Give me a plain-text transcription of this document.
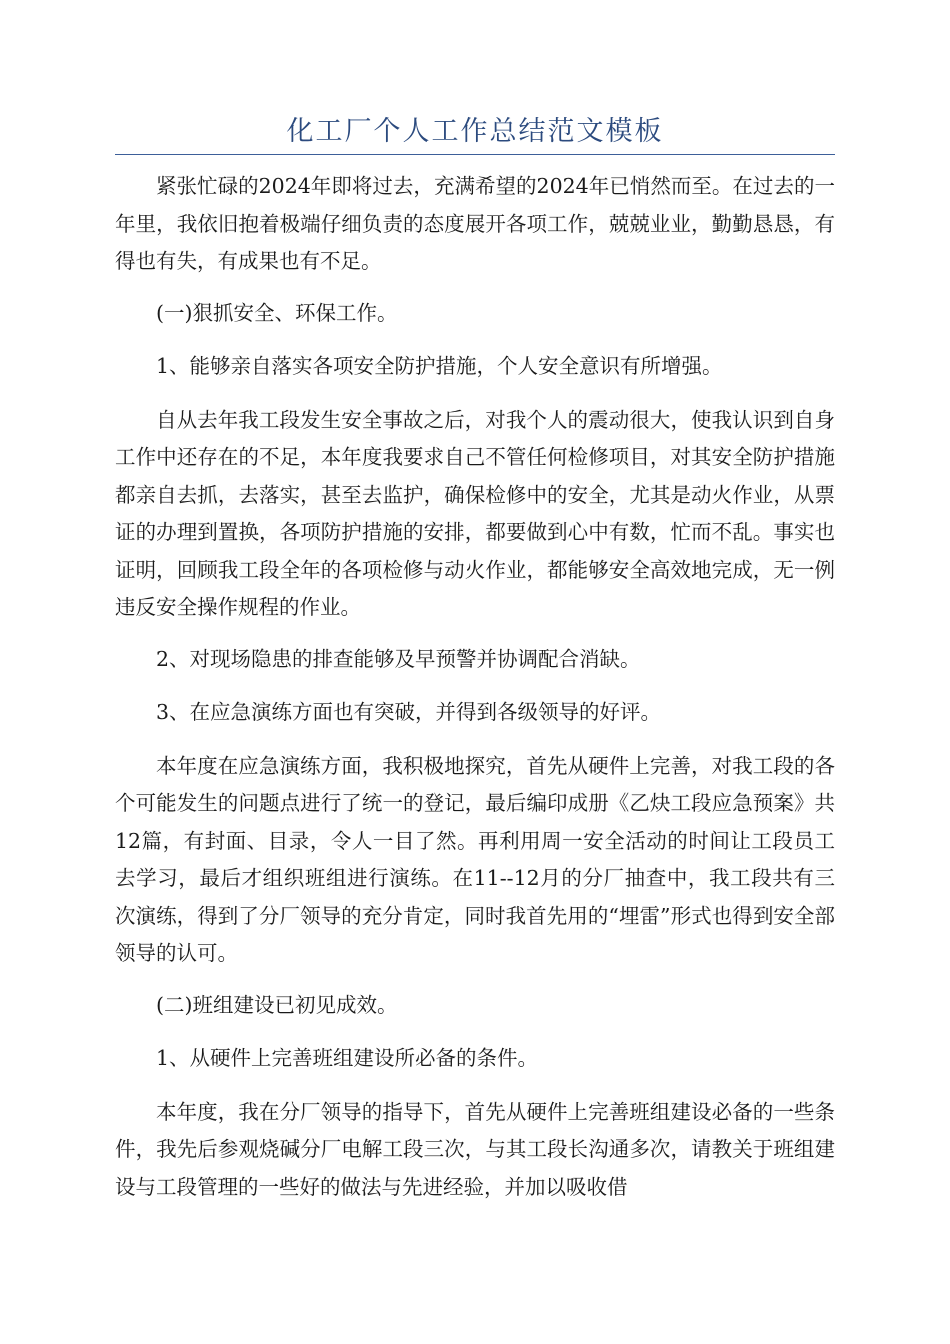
化工厂个人工作总结范文模板

紧张忙碌的2024年即将过去，充满希望的2024年已悄然而至。在过去的一年里，我依旧抱着极端仔细负责的态度展开各项工作，兢兢业业，勤勤恳恳，有得也有失，有成果也有不足。

(一)狠抓安全、环保工作。

1、能够亲自落实各项安全防护措施，个人安全意识有所增强。

自从去年我工段发生安全事故之后，对我个人的震动很大，使我认识到自身工作中还存在的不足，本年度我要求自己不管任何检修项目，对其安全防护措施都亲自去抓，去落实，甚至去监护，确保检修中的安全，尤其是动火作业，从票证的办理到置换，各项防护措施的安排，都要做到心中有数，忙而不乱。事实也证明，回顾我工段全年的各项检修与动火作业，都能够安全高效地完成，无一例违反安全操作规程的作业。

2、对现场隐患的排查能够及早预警并协调配合消缺。

3、在应急演练方面也有突破，并得到各级领导的好评。

本年度在应急演练方面，我积极地探究，首先从硬件上完善，对我工段的各个可能发生的问题点进行了统一的登记，最后编印成册《乙炔工段应急预案》共12篇，有封面、目录，令人一目了然。再利用周一安全活动的时间让工段员工去学习，最后才组织班组进行演练。在11--12月的分厂抽查中，我工段共有三次演练，得到了分厂领导的充分肯定，同时我首先用的“埋雷”形式也得到安全部领导的认可。

(二)班组建设已初见成效。

1、从硬件上完善班组建设所必备的条件。

本年度，我在分厂领导的指导下，首先从硬件上完善班组建设必备的一些条件，我先后参观烧碱分厂电解工段三次，与其工段长沟通多次，请教关于班组建设与工段管理的一些好的做法与先进经验，并加以吸收借
